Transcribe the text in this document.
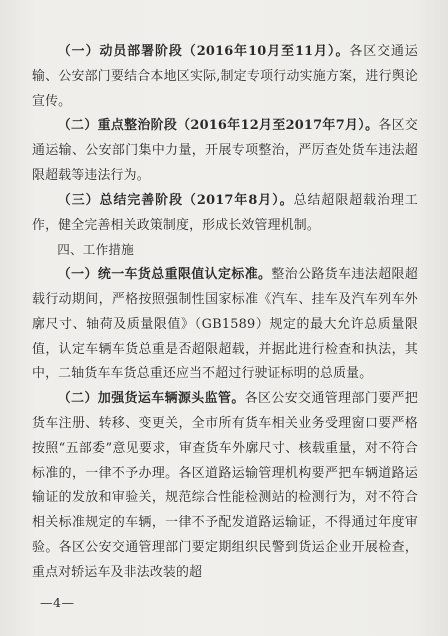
（一）动员部署阶段（2016年10月至11月）。各区交通运输、公安部门要结合本地区实际,制定专项行动实施方案，进行舆论宣传。

（二）重点整治阶段（2016年12月至2017年7月）。各区交通运输、公安部门集中力量，开展专项整治，严厉查处货车违法超限超载等违法行为。

（三）总结完善阶段（2017年8月）。总结超限超载治理工作，健全完善相关政策制度，形成长效管理机制。

四、工作措施

（一）统一车货总重限值认定标准。整治公路货车违法超限超载行动期间，严格按照强制性国家标准《汽车、挂车及汽车列车外廓尺寸、轴荷及质量限值》（GB1589）规定的最大允许总质量限值，认定车辆车货总重是否超限超载，并据此进行检查和执法，其中，二轴货车车货总重还应当不超过行驶证标明的总质量。

（二）加强货运车辆源头监管。各区公安交通管理部门要严把货车注册、转移、变更关，全市所有货车相关业务受理窗口要严格按照“五部委”意见要求，审查货车外廓尺寸、核载重量，对不符合标准的，一律不予办理。各区道路运输管理机构要严把车辆道路运输证的发放和审验关，规范综合性能检测站的检测行为，对不符合相关标准规定的车辆，一律不予配发道路运输证，不得通过年度审验。各区公安交通管理部门要定期组织民警到货运企业开展检查，重点对轿运车及非法改装的超

—4—
